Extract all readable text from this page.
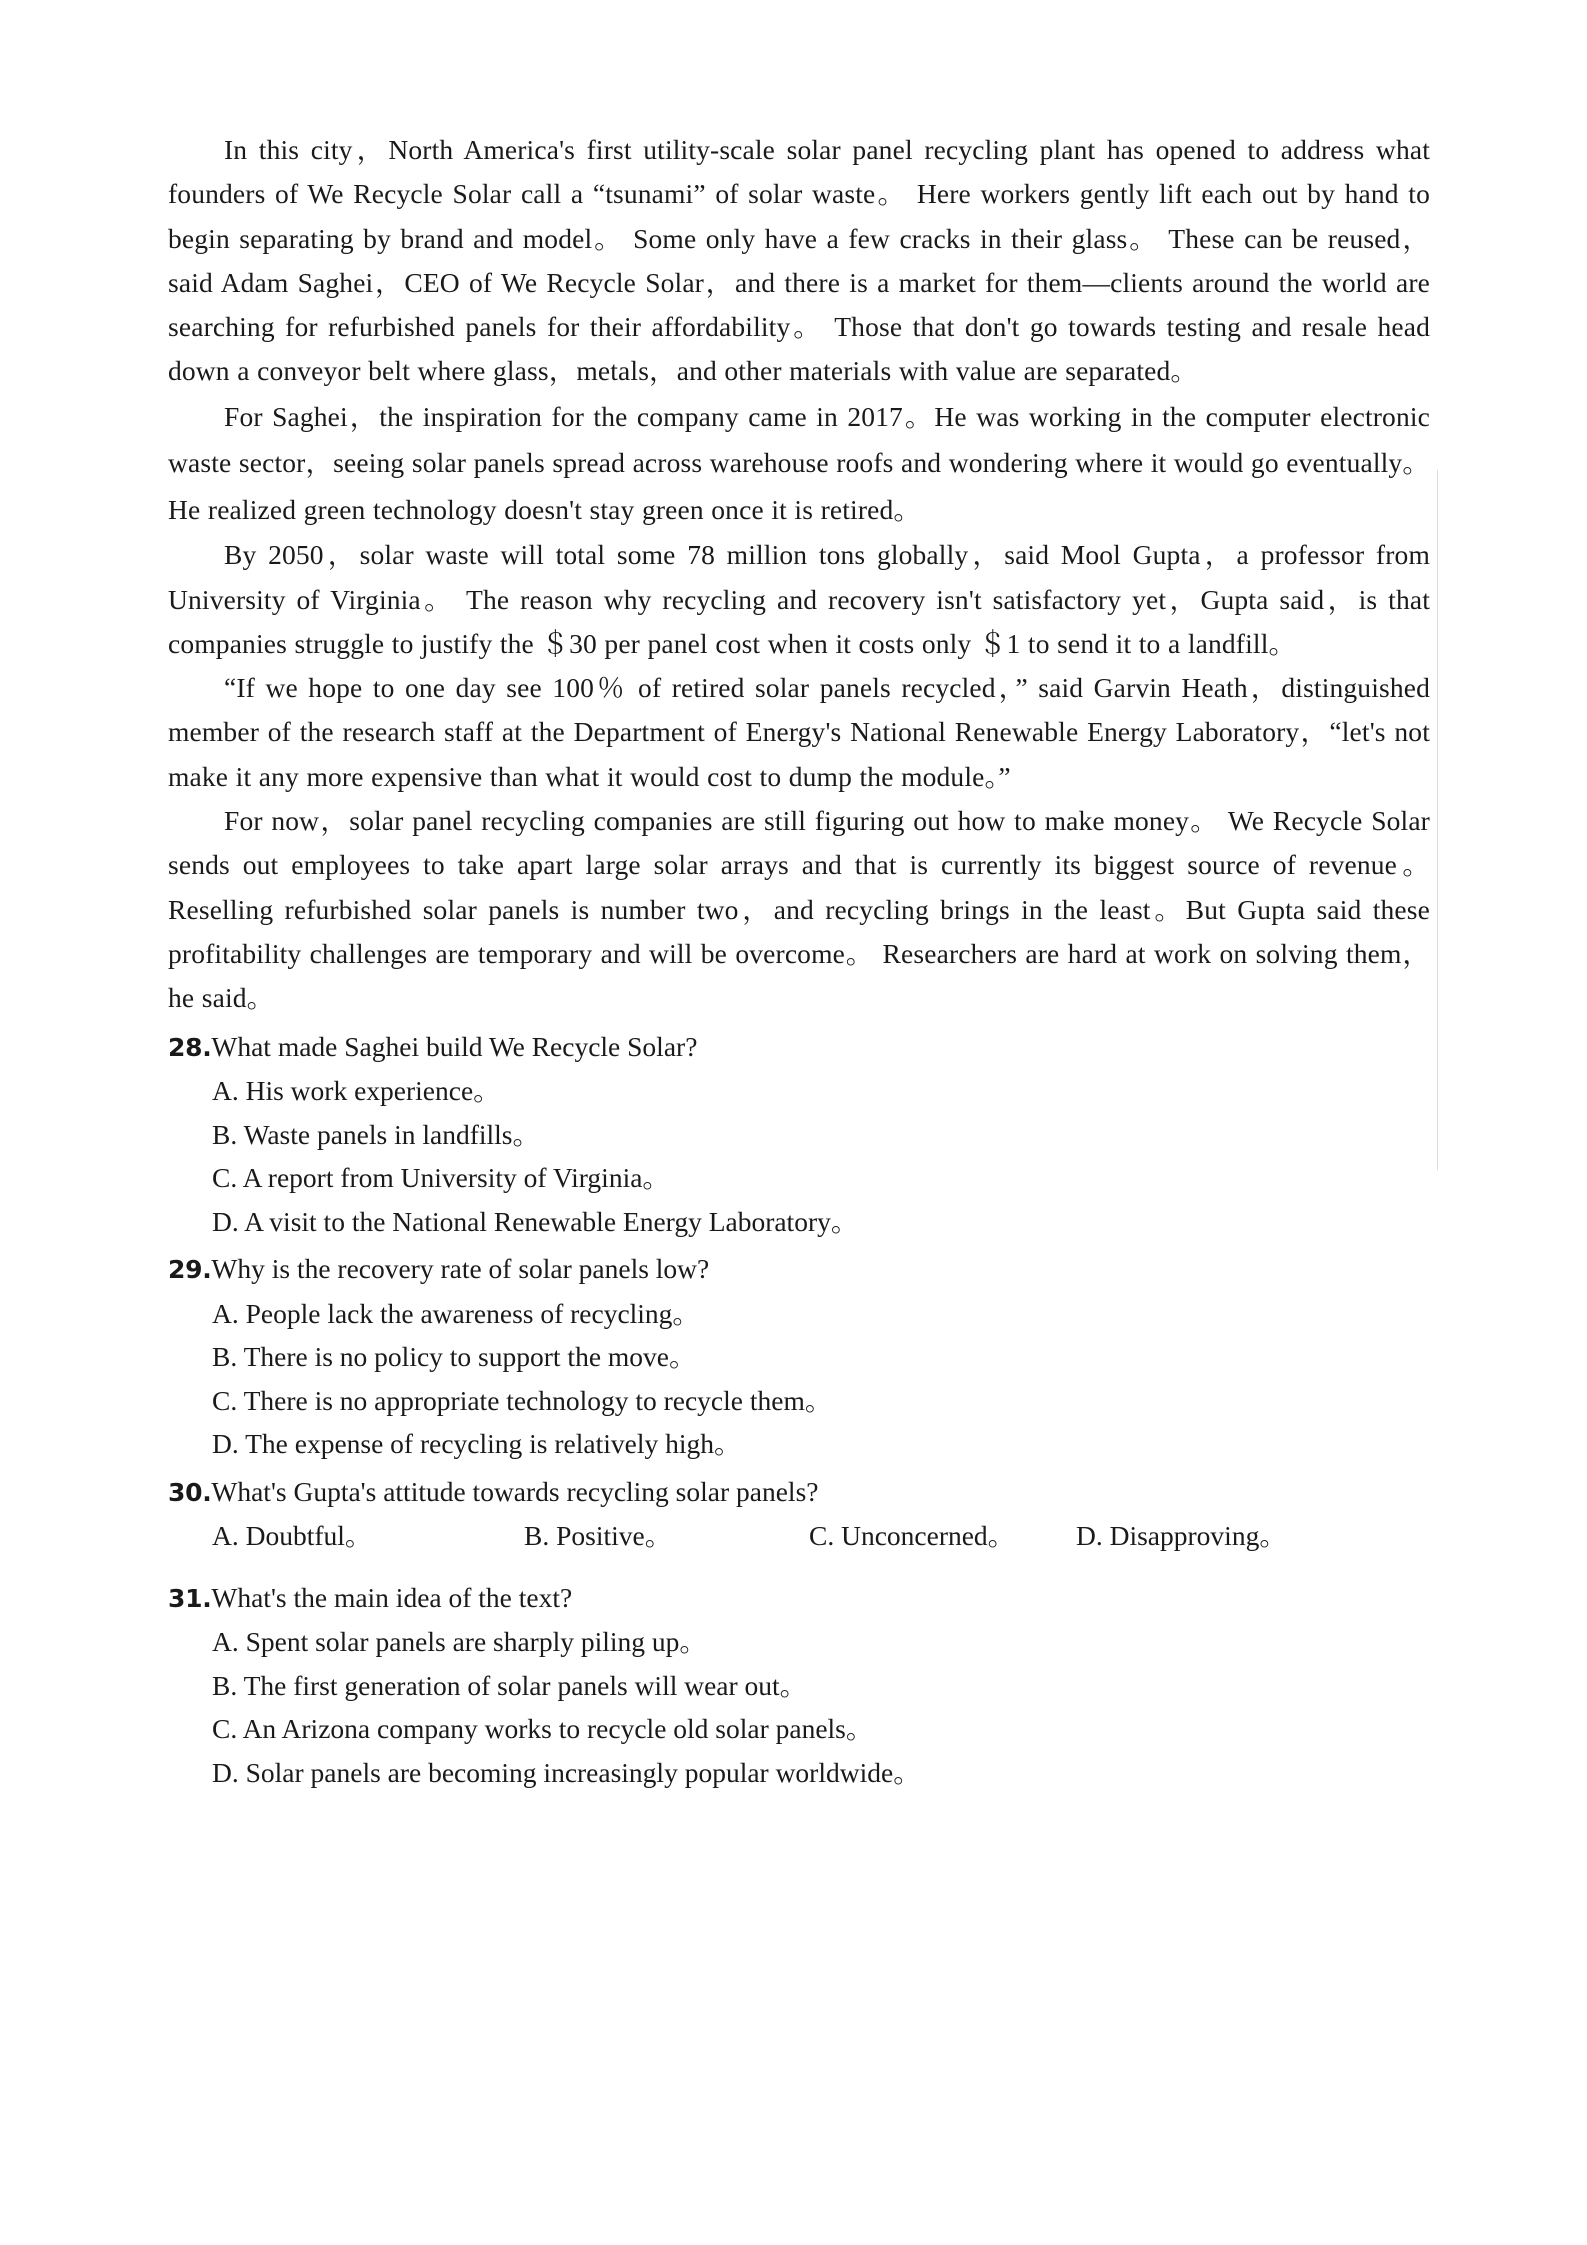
In this city，North America's first utility-scale solar panel recycling plant has opened to address what founders of We Recycle Solar call a “tsunami” of solar waste。 Here workers gently lift each out by hand to begin separating by brand and model。 Some only have a few cracks in their glass。 These can be reused，said Adam Saghei，CEO of We Recycle Solar，and there is a market for them—clients around the world are searching for refurbished panels for their affordability。 Those that don't go towards testing and resale head down a conveyor belt where glass，metals，and other materials with value are separated。

For Saghei，the inspiration for the company came in 2017。He was working in the computer electronic waste sector，seeing solar panels spread across warehouse roofs and wondering where it would go eventually。 He realized green technology doesn't stay green once it is retired。

By 2050，solar waste will total some 78 million tons globally，said Mool Gupta，a professor from University of Virginia。 The reason why recycling and recovery isn't satisfactory yet，Gupta said，is that companies struggle to justify the ＄30 per panel cost when it costs only ＄1 to send it to a landfill。

“If we hope to one day see 100％ of retired solar panels recycled，” said Garvin Heath，distinguished member of the research staff at the Department of Energy's National Renewable Energy Laboratory，“let's not make it any more expensive than what it would cost to dump the module。”

For now，solar panel recycling companies are still figuring out how to make money。 We Recycle Solar sends out employees to take apart large solar arrays and that is currently its biggest source of revenue。 Reselling refurbished solar panels is number two，and recycling brings in the least。But Gupta said these profitability challenges are temporary and will be overcome。 Researchers are hard at work on solving them，he said。

28. What made Saghei build We Recycle Solar?
A. His work experience。
B. Waste panels in landfills。
C. A report from University of Virginia。
D. A visit to the National Renewable Energy Laboratory。
29. Why is the recovery rate of solar panels low?
A. People lack the awareness of recycling。
B. There is no policy to support the move。
C. There is no appropriate technology to recycle them。
D. The expense of recycling is relatively high。
30. What's Gupta's attitude towards recycling solar panels?
A. Doubtful。	B. Positive。	C. Unconcerned。 D. Disapproving。
31. What's the main idea of the text?
A. Spent solar panels are sharply piling up。
B. The first generation of solar panels will wear out。
C. An Arizona company works to recycle old solar panels。
D. Solar panels are becoming increasingly popular worldwide。
